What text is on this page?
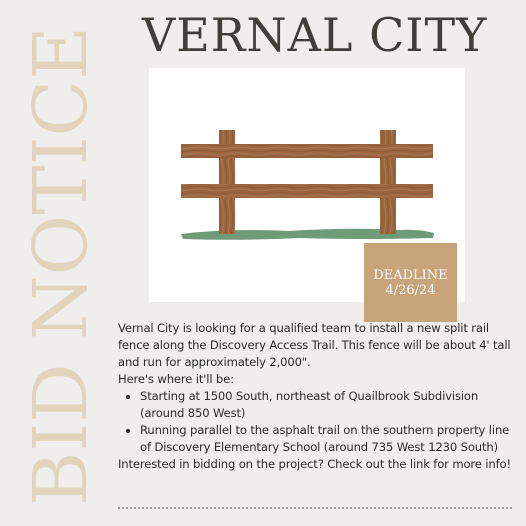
BID NOTICE VERNAL CITY
DEADLINE
4/26/24

Vernal City is looking for a qualified team to install a new split rail fence along the Discovery Access Trail. This fence will be about 4' tall and run for approximately 2,000".

Here's where it'll be:

• Starting at 1500 South, northeast of Quailbrook Subdivision (around 850 West)
• Running parallel to the asphalt trail on the southern property line of Discovery Elementary School (around 735 West 1230 South)

Interested in bidding on the project? Check out the link for more info!
